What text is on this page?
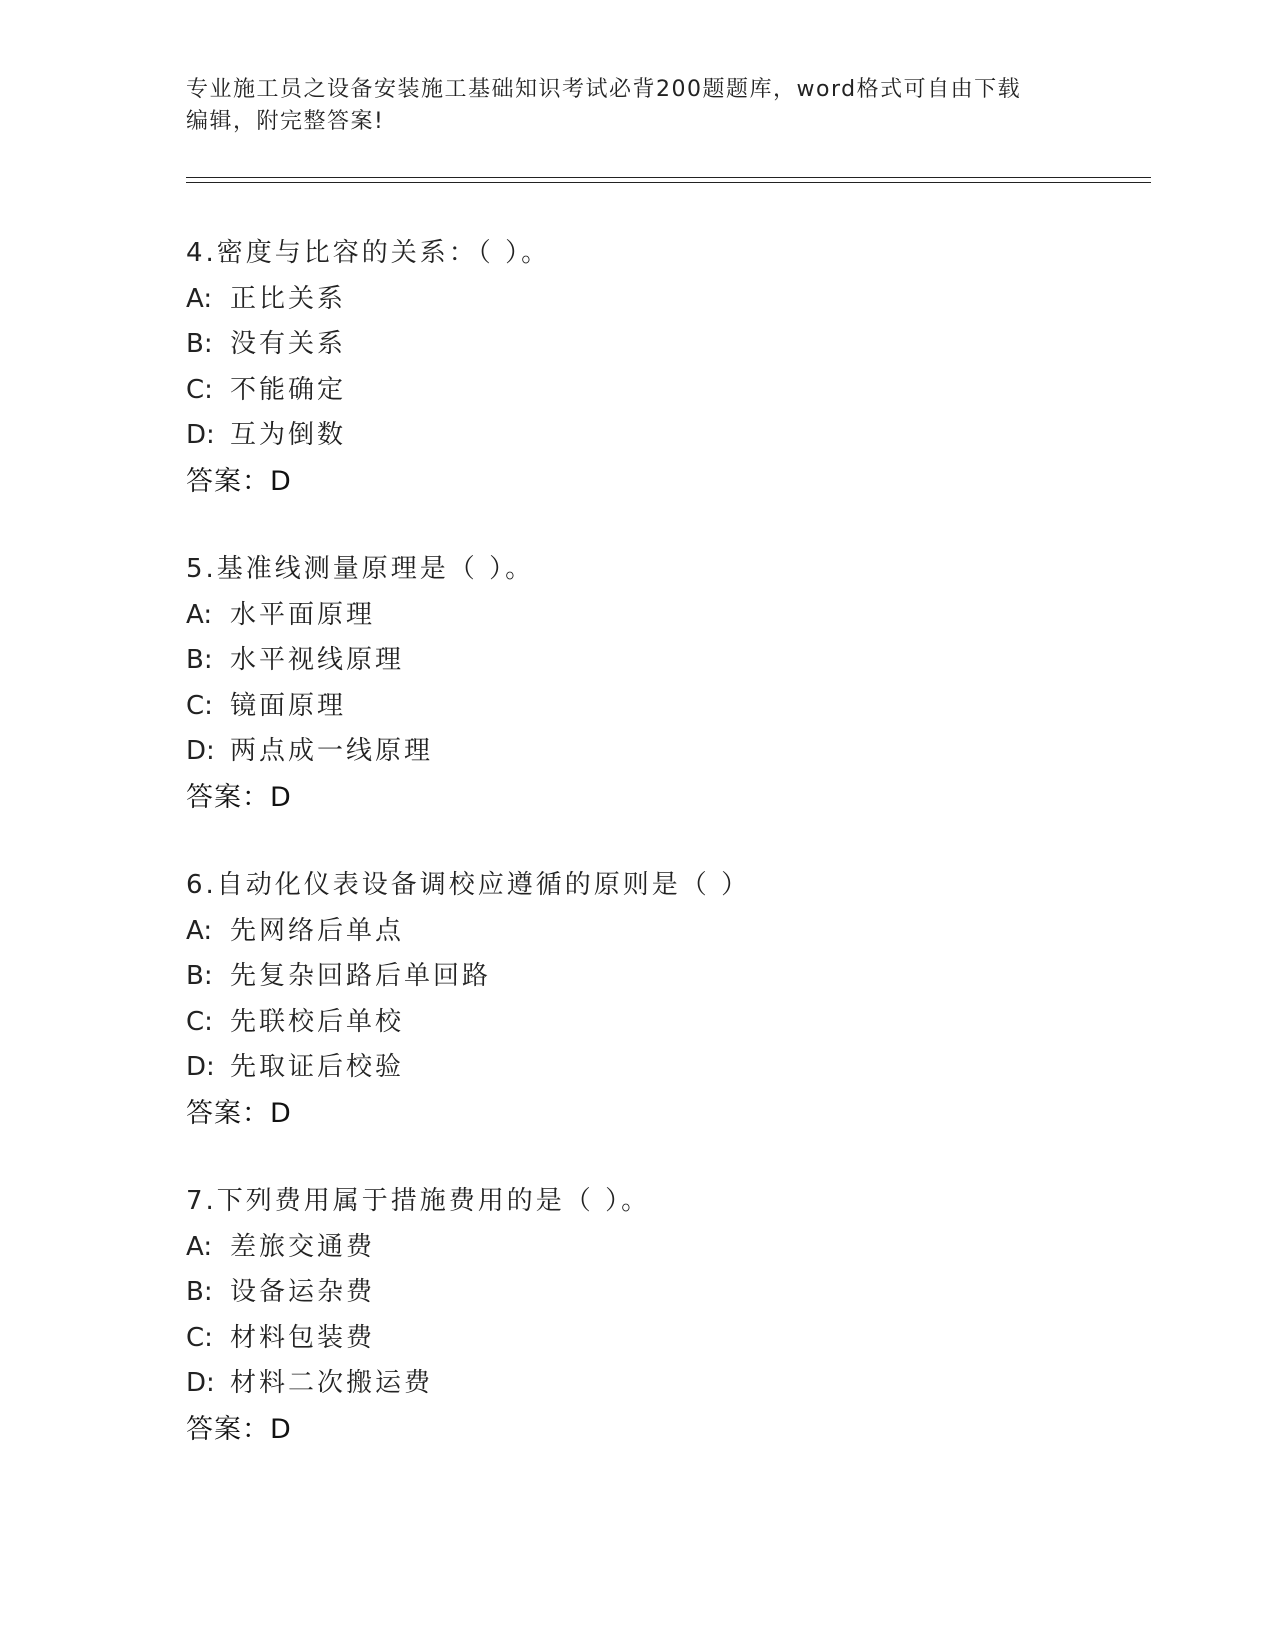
专业施工员之设备安装施工基础知识考试必背200题题库，word格式可自由下载
编辑，附完整答案!
4.密度与比容的关系：（ ）。
A: 正比关系
B: 没有关系
C: 不能确定
D: 互为倒数
答案：D
5.基准线测量原理是（ ）。
A: 水平面原理
B: 水平视线原理
C: 镜面原理
D: 两点成一线原理
答案：D
6.自动化仪表设备调校应遵循的原则是（ ）
A: 先网络后单点
B: 先复杂回路后单回路
C: 先联校后单校
D: 先取证后校验
答案：D
7.下列费用属于措施费用的是（ ）。
A: 差旅交通费
B: 设备运杂费
C: 材料包装费
D: 材料二次搬运费
答案：D
